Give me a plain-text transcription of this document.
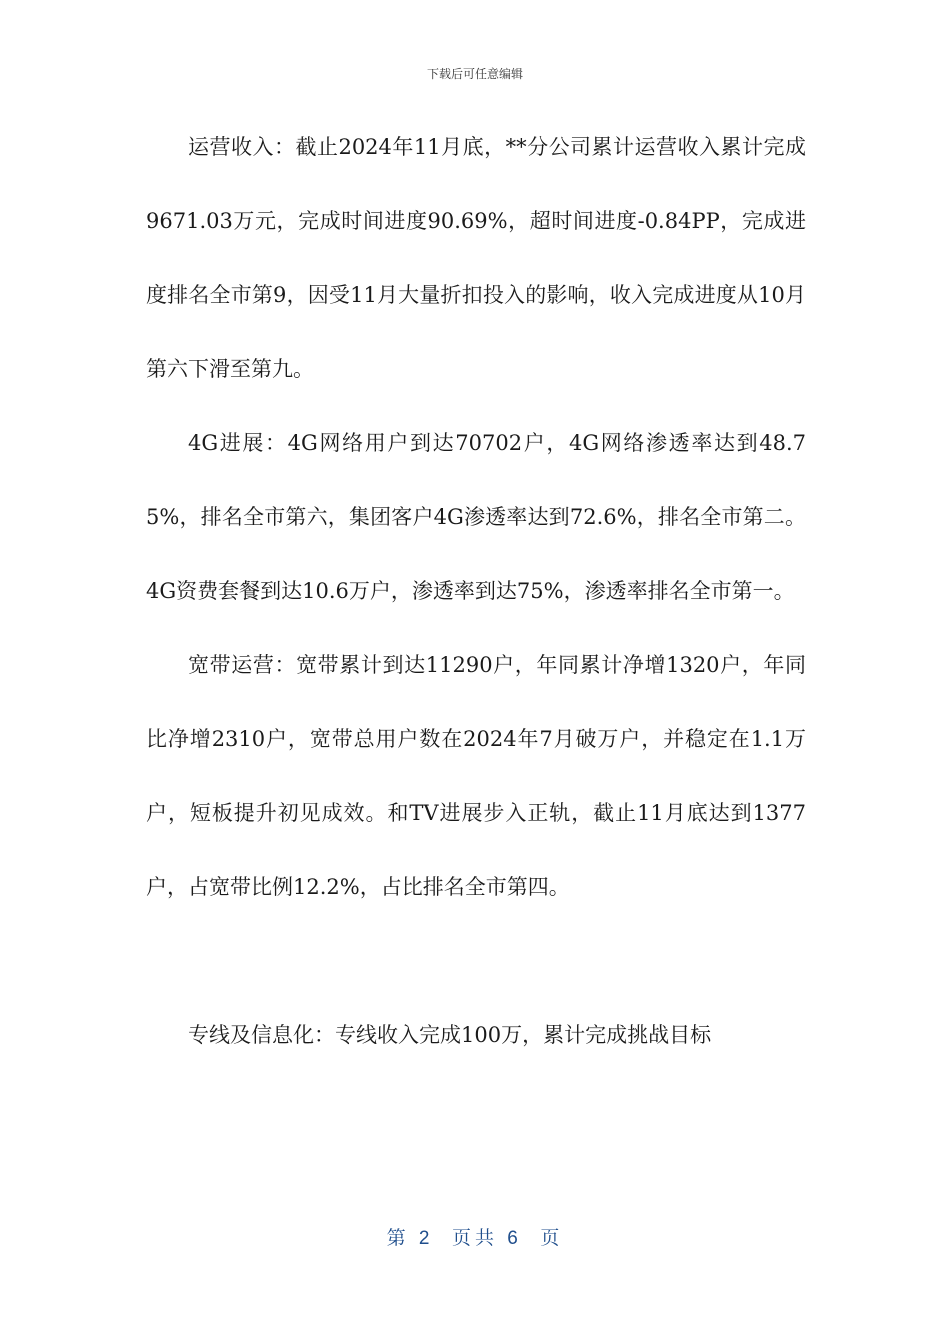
下载后可任意编辑

运营收入：截止2024年11月底，**分公司累计运营收入累计完成9671.03万元，完成时间进度90.69%，超时间进度-0.84PP，完成进度排名全市第9，因受11月大量折扣投入的影响，收入完成进度从10月第六下滑至第九。

4G进展：4G网络用户到达70702户，4G网络渗透率达到48.75%，排名全市第六，集团客户4G渗透率达到72.6%，排名全市第二。4G资费套餐到达10.6万户，渗透率到达75%，渗透率排名全市第一。

宽带运营：宽带累计到达11290户，年同累计净增1320户，年同比净增2310户，宽带总用户数在2024年7月破万户，并稳定在1.1万户，短板提升初见成效。和TV进展步入正轨，截止11月底达到1377户，占宽带比例12.2%，占比排名全市第四。

专线及信息化：专线收入完成100万，累计完成挑战目标

第 2  页共 6  页
